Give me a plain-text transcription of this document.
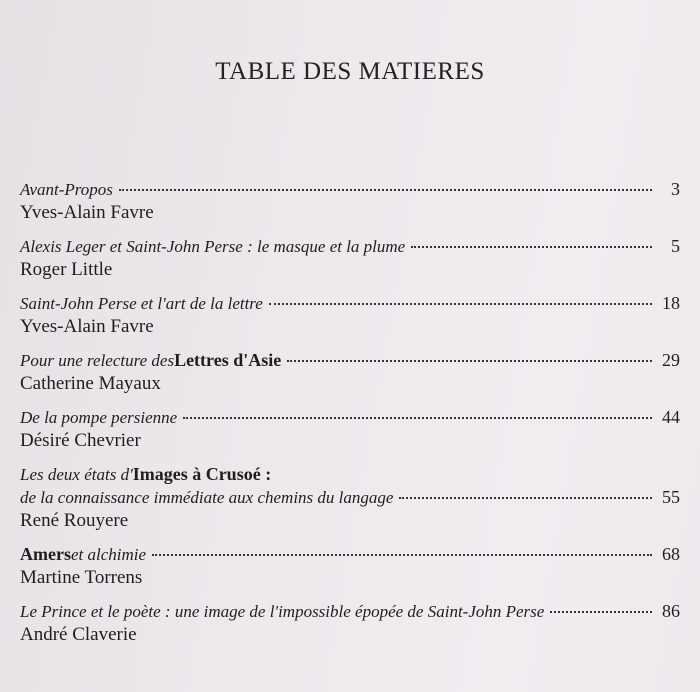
TABLE DES MATIERES
Avant-Propos	3
Yves-Alain Favre
Alexis Leger et Saint-John Perse : le masque et la plume	5
Roger Little
Saint-John Perse et l'art de la lettre	18
Yves-Alain Favre
Pour une relecture des Lettres d'Asie	29
Catherine Mayaux
De la pompe persienne	44
Désiré Chevrier
Les deux états d' Images à Crusoé :
de la connaissance immédiate aux chemins du langage	55
René Rouyere
Amers et alchimie	68
Martine Torrens
Le Prince et le poète : une image de l'impossible épopée de Saint-John Perse	86
André Claverie
